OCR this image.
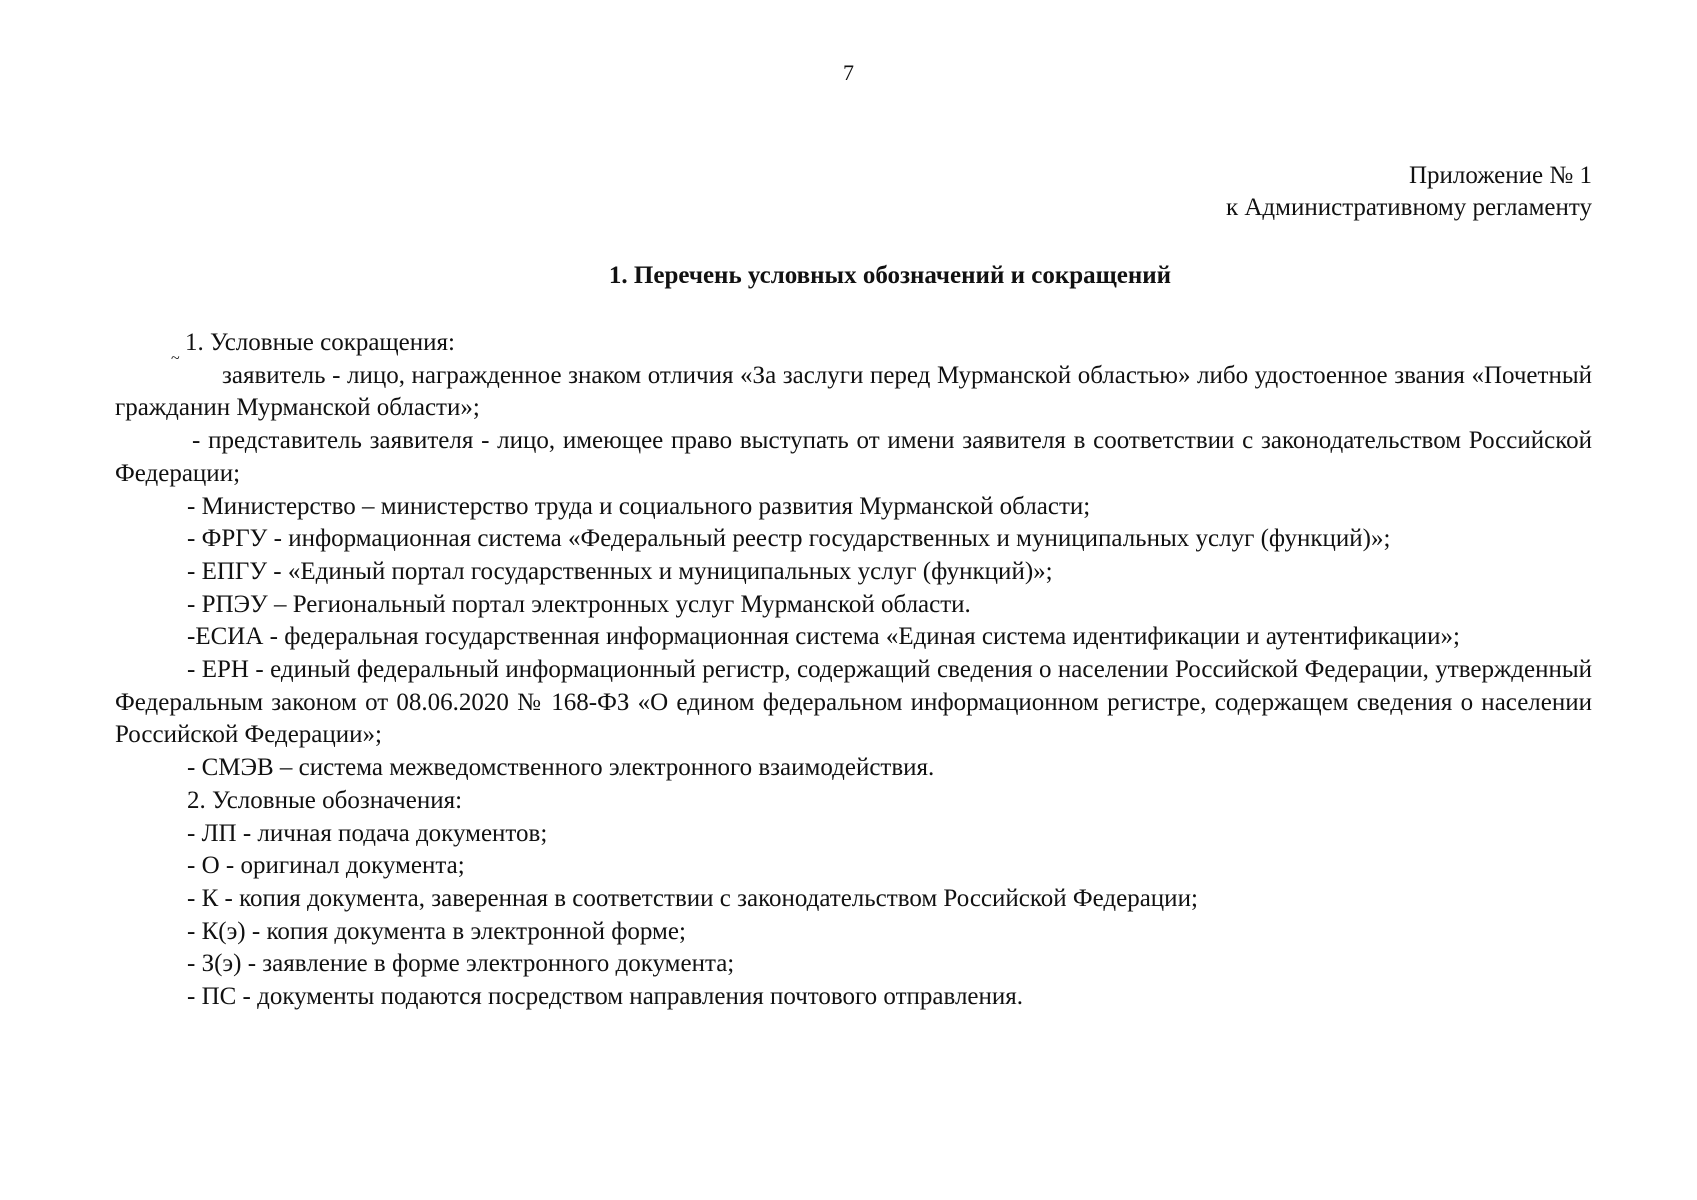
7
Приложение № 1
к Административному регламенту
1. Перечень условных обозначений и сокращений
~

1. Условные сокращения:

заявитель - лицо, награжденное знаком отличия «За заслуги перед Мурманской областью» либо удостоенное звания «Почетный гражданин Мурманской области»;

- представитель заявителя - лицо, имеющее право выступать от имени заявителя в соответствии с законодательством Российской Федерации;

- Министерство – министерство труда и социального развития Мурманской области;

- ФРГУ - информационная система «Федеральный реестр государственных и муниципальных услуг (функций)»;

- ЕПГУ - «Единый портал государственных и муниципальных услуг (функций)»;

- РПЭУ – Региональный портал электронных услуг Мурманской области.

-ЕСИА - федеральная государственная информационная система «Единая система идентификации и аутентификации»;

- ЕРН - единый федеральный информационный регистр, содержащий сведения о населении Российской Федерации, утвержденный Федеральным законом от 08.06.2020 № 168-ФЗ «О едином федеральном информационном регистре, содержащем сведения о населении Российской Федерации»;

- СМЭВ – система межведомственного электронного взаимодействия.

2. Условные обозначения:

- ЛП - личная подача документов;

- О - оригинал документа;

- К - копия документа, заверенная в соответствии с законодательством Российской Федерации;

- К(э) - копия документа в электронной форме;

- З(э) - заявление в форме электронного документа;

- ПС - документы подаются посредством направления почтового отправления.
